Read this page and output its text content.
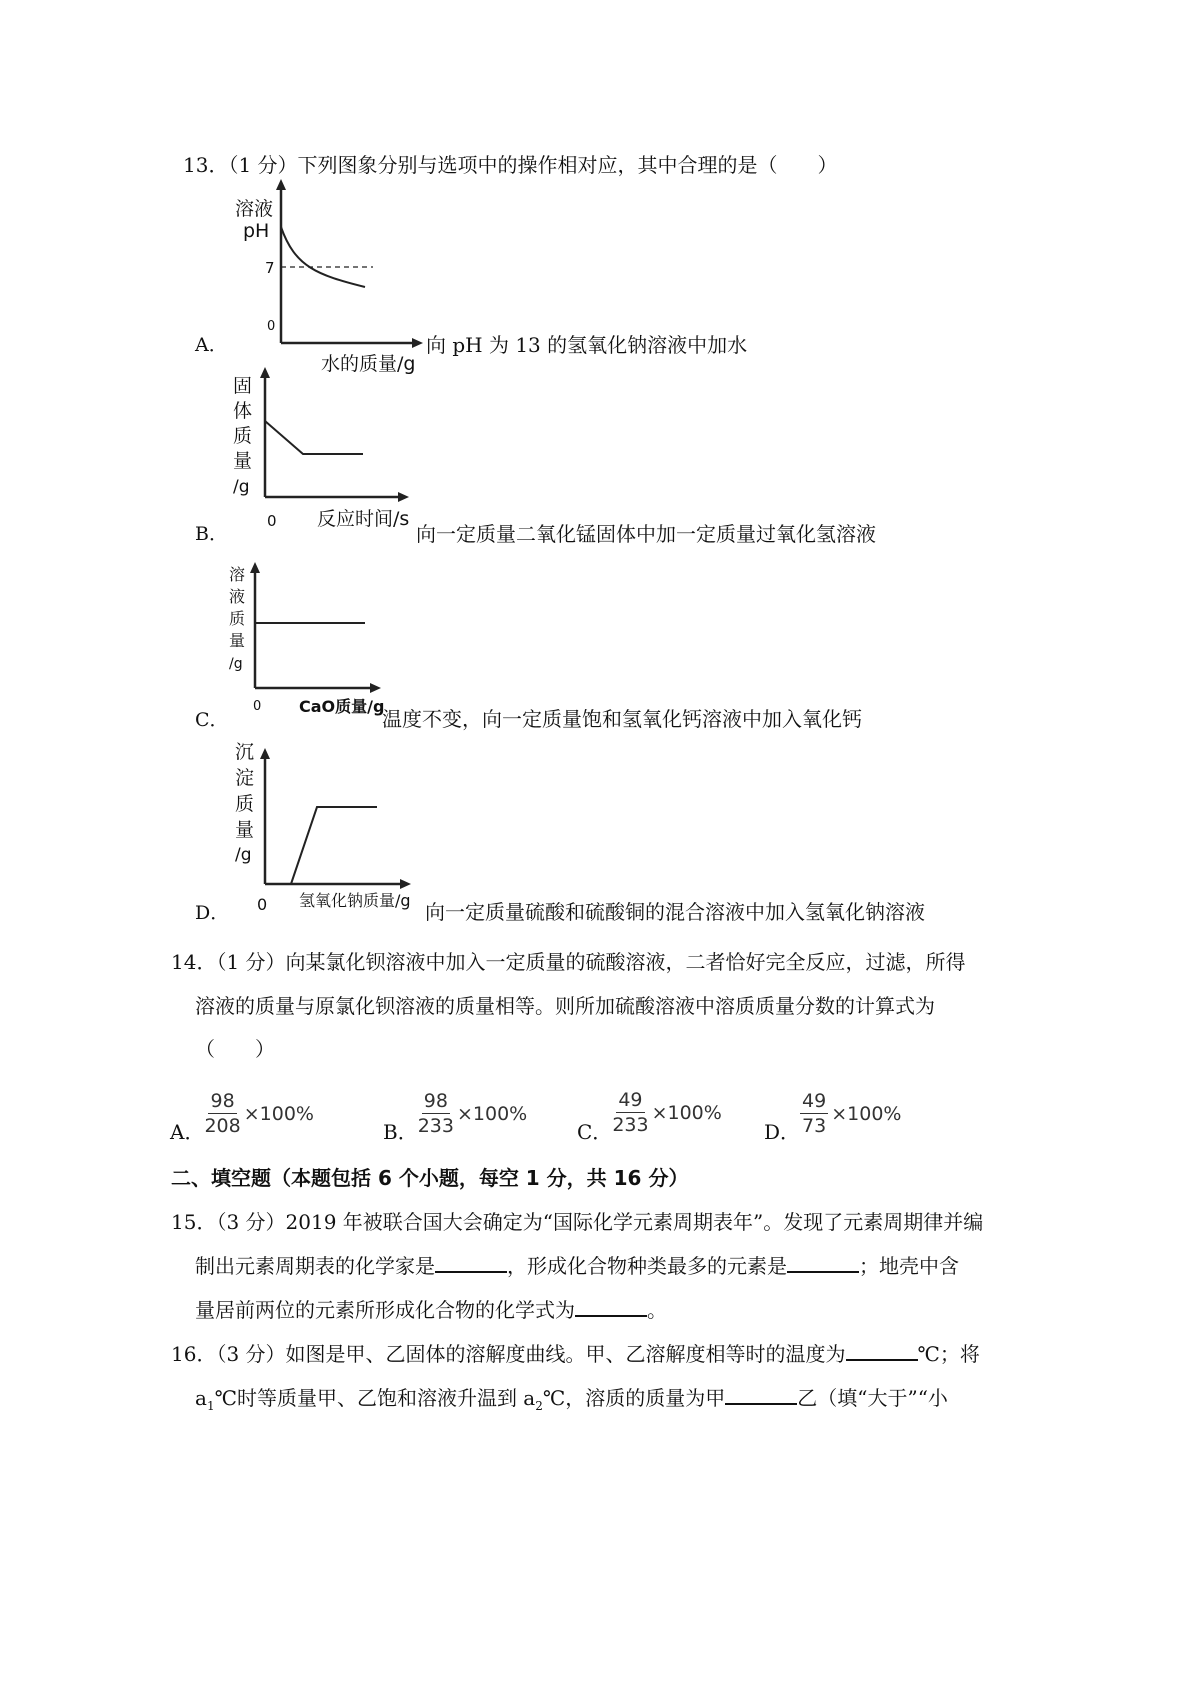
13．（1 分）下列图象分别与选项中的操作相对应，其中合理的是（　　）
溶液
pH
7
0
水的质量/g
A．	向 pH 为 13 的氢氧化钠溶液中加水
固
体
质
量
/g
0 反应时间/s
B．	向一定质量二氧化锰固体中加一定质量过氧化氢溶液
溶
液
质
量
/g
0 CaO质量/g
C．	温度不变，向一定质量饱和氢氧化钙溶液中加入氧化钙
沉
淀
质
量
/g
0 氢氧化钠质量/g
D．	向一定质量硫酸和硫酸铜的混合溶液中加入氢氧化钠溶液
14．（1 分）向某氯化钡溶液中加入一定质量的硫酸溶液，二者恰好完全反应，过滤，所得
溶液的质量与原氯化钡溶液的质量相等。则所加硫酸溶液中溶质质量分数的计算式为
（　　）
A． $\frac{98}{208} \times 100\%$
B． $\frac{98}{233} \times 100\%$
C． $\frac{49}{233} \times 100\%$
D． $\frac{49}{73} \times 100\%$
二、填空题（本题包括 6 个小题，每空 1 分，共 16 分）
15．（3 分）2019 年被联合国大会确定为“国际化学元素周期表年”。发现了元素周期律并编
制出元素周期表的化学家是	，形成化合物种类最多的元素是	；地壳中含
量居前两位的元素所形成化合物的化学式为	。
16．（3 分）如图是甲、乙固体的溶解度曲线。甲、乙溶解度相等时的温度为	℃；将
$a_1℃$时等质量甲、乙饱和溶液升温到 $a_2℃$，溶质的质量为甲	乙（填“大于”“小
